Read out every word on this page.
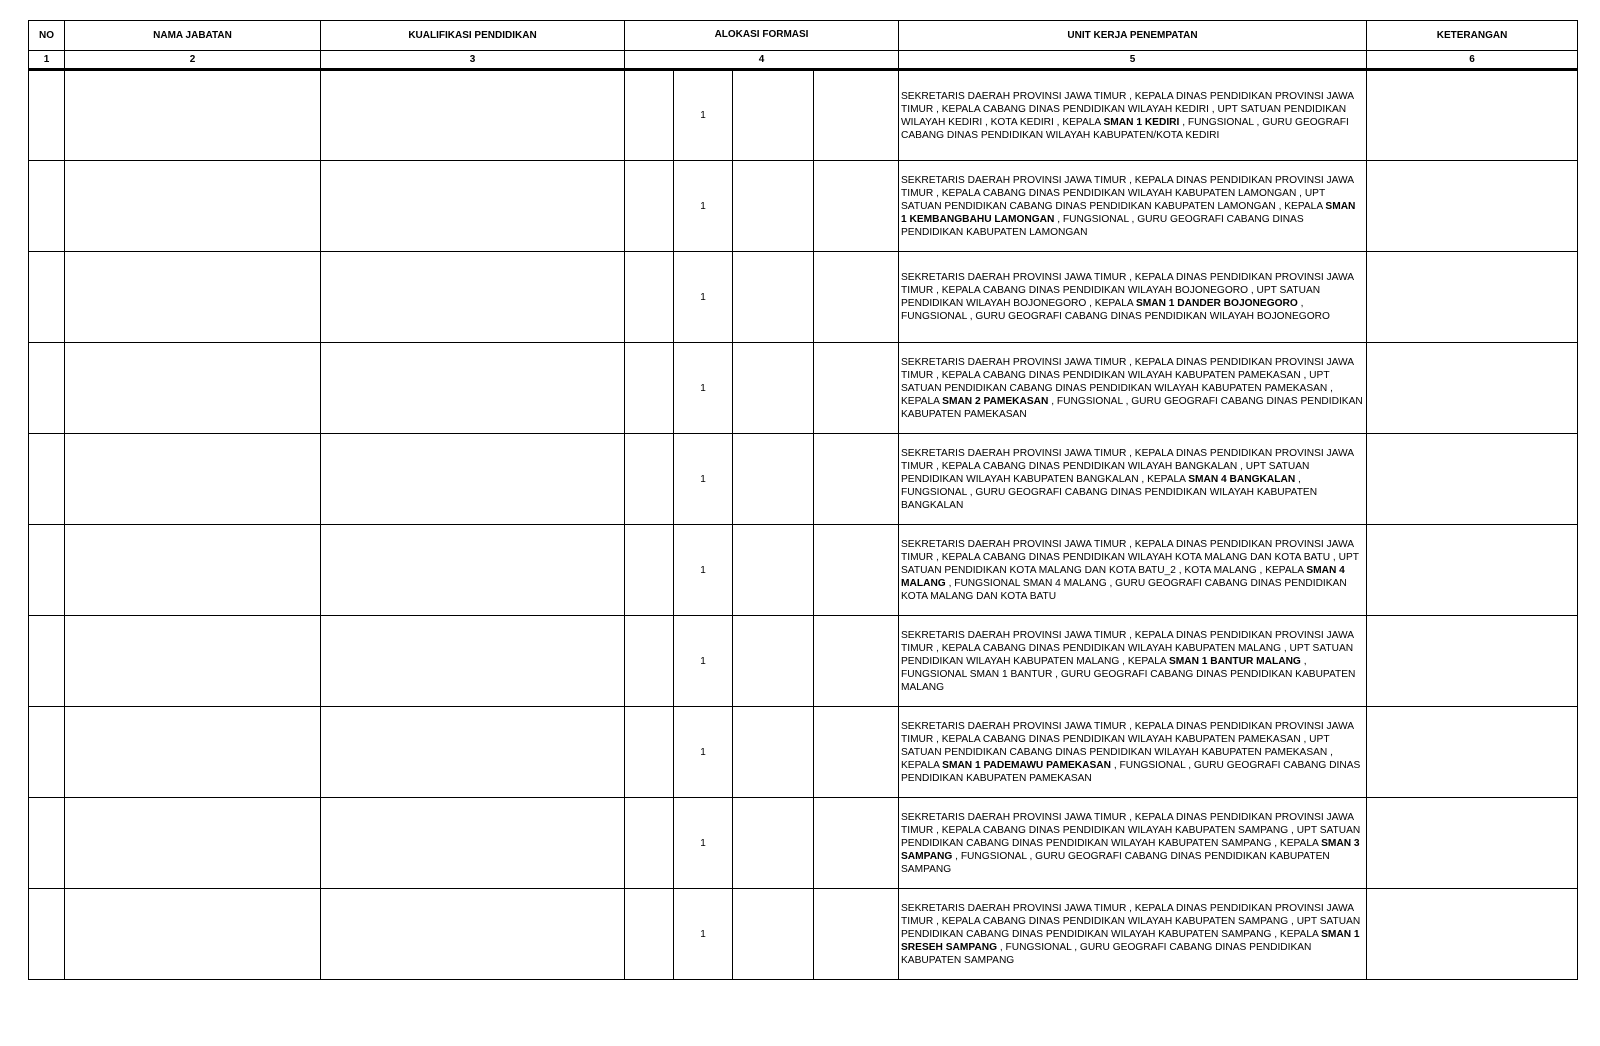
NO	NAMA JABATAN	KUALIFIKASI PENDIDIKAN	ALOKASI FORMASI				UNIT KERJA PENEMPATAN	KETERANGAN
1	2	3	4				5	6
				1			SEKRETARIS DAERAH PROVINSI JAWA TIMUR , KEPALA DINAS PENDIDIKAN PROVINSI JAWA TIMUR , KEPALA CABANG DINAS PENDIDIKAN WILAYAH KEDIRI , UPT SATUAN PENDIDIKAN WILAYAH KEDIRI , KOTA KEDIRI , KEPALA SMAN 1 KEDIRI , FUNGSIONAL , GURU GEOGRAFI CABANG DINAS PENDIDIKAN WILAYAH KABUPATEN/KOTA KEDIRI	
				1			SEKRETARIS DAERAH PROVINSI JAWA TIMUR , KEPALA DINAS PENDIDIKAN PROVINSI JAWA TIMUR , KEPALA CABANG DINAS PENDIDIKAN WILAYAH KABUPATEN LAMONGAN , UPT SATUAN PENDIDIKAN CABANG DINAS PENDIDIKAN KABUPATEN LAMONGAN , KEPALA SMAN 1 KEMBANGBAHU LAMONGAN , FUNGSIONAL , GURU GEOGRAFI CABANG DINAS PENDIDIKAN KABUPATEN LAMONGAN	
				1			SEKRETARIS DAERAH PROVINSI JAWA TIMUR , KEPALA DINAS PENDIDIKAN PROVINSI JAWA TIMUR , KEPALA CABANG DINAS PENDIDIKAN WILAYAH BOJONEGORO , UPT SATUAN PENDIDIKAN WILAYAH BOJONEGORO , KEPALA SMAN 1 DANDER BOJONEGORO , FUNGSIONAL , GURU GEOGRAFI CABANG DINAS PENDIDIKAN WILAYAH BOJONEGORO	
				1			SEKRETARIS DAERAH PROVINSI JAWA TIMUR , KEPALA DINAS PENDIDIKAN PROVINSI JAWA TIMUR , KEPALA CABANG DINAS PENDIDIKAN WILAYAH KABUPATEN PAMEKASAN , UPT SATUAN PENDIDIKAN CABANG DINAS PENDIDIKAN WILAYAH KABUPATEN PAMEKASAN , KEPALA SMAN 2 PAMEKASAN , FUNGSIONAL , GURU GEOGRAFI CABANG DINAS PENDIDIKAN KABUPATEN PAMEKASAN	
				1			SEKRETARIS DAERAH PROVINSI JAWA TIMUR , KEPALA DINAS PENDIDIKAN PROVINSI JAWA TIMUR , KEPALA CABANG DINAS PENDIDIKAN WILAYAH BANGKALAN , UPT SATUAN PENDIDIKAN WILAYAH KABUPATEN BANGKALAN , KEPALA SMAN 4 BANGKALAN , FUNGSIONAL , GURU GEOGRAFI CABANG DINAS PENDIDIKAN WILAYAH KABUPATEN BANGKALAN	
				1			SEKRETARIS DAERAH PROVINSI JAWA TIMUR , KEPALA DINAS PENDIDIKAN PROVINSI JAWA TIMUR , KEPALA CABANG DINAS PENDIDIKAN WILAYAH KOTA MALANG DAN KOTA BATU , UPT SATUAN PENDIDIKAN KOTA MALANG DAN KOTA BATU_2 , KOTA MALANG , KEPALA SMAN 4 MALANG , FUNGSIONAL SMAN 4 MALANG , GURU GEOGRAFI CABANG DINAS PENDIDIKAN KOTA MALANG DAN KOTA BATU	
				1			SEKRETARIS DAERAH PROVINSI JAWA TIMUR , KEPALA DINAS PENDIDIKAN PROVINSI JAWA TIMUR , KEPALA CABANG DINAS PENDIDIKAN WILAYAH KABUPATEN MALANG , UPT SATUAN PENDIDIKAN WILAYAH KABUPATEN MALANG , KEPALA SMAN 1 BANTUR MALANG , FUNGSIONAL SMAN 1 BANTUR , GURU GEOGRAFI CABANG DINAS PENDIDIKAN KABUPATEN MALANG	
				1			SEKRETARIS DAERAH PROVINSI JAWA TIMUR , KEPALA DINAS PENDIDIKAN PROVINSI JAWA TIMUR , KEPALA CABANG DINAS PENDIDIKAN WILAYAH KABUPATEN PAMEKASAN , UPT SATUAN PENDIDIKAN CABANG DINAS PENDIDIKAN WILAYAH KABUPATEN PAMEKASAN , KEPALA SMAN 1 PADEMAWU PAMEKASAN , FUNGSIONAL , GURU GEOGRAFI CABANG DINAS PENDIDIKAN KABUPATEN PAMEKASAN	
				1			SEKRETARIS DAERAH PROVINSI JAWA TIMUR , KEPALA DINAS PENDIDIKAN PROVINSI JAWA TIMUR , KEPALA CABANG DINAS PENDIDIKAN WILAYAH KABUPATEN SAMPANG , UPT SATUAN PENDIDIKAN CABANG DINAS PENDIDIKAN WILAYAH KABUPATEN SAMPANG , KEPALA SMAN 3 SAMPANG , FUNGSIONAL , GURU GEOGRAFI CABANG DINAS PENDIDIKAN KABUPATEN SAMPANG	
				1			SEKRETARIS DAERAH PROVINSI JAWA TIMUR , KEPALA DINAS PENDIDIKAN PROVINSI JAWA TIMUR , KEPALA CABANG DINAS PENDIDIKAN WILAYAH KABUPATEN SAMPANG , UPT SATUAN PENDIDIKAN CABANG DINAS PENDIDIKAN WILAYAH KABUPATEN SAMPANG , KEPALA SMAN 1 SRESEH SAMPANG , FUNGSIONAL , GURU GEOGRAFI CABANG DINAS PENDIDIKAN KABUPATEN SAMPANG	
